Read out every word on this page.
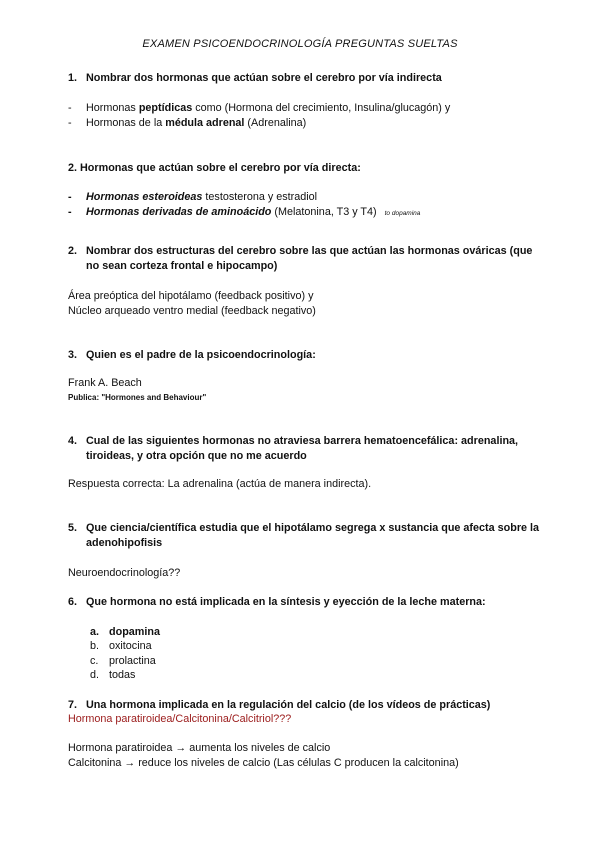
EXAMEN PSICOENDOCRINOLOGÍA PREGUNTAS SUELTAS
1. Nombrar dos hormonas que actúan sobre el cerebro por vía indirecta
- Hormonas peptídicas como (Hormona del crecimiento, Insulina/glucagón) y
- Hormonas de la médula adrenal (Adrenalina)
2. Hormonas que actúan sobre el cerebro por vía directa:
- Hormonas esteroideas testosterona y estradiol
- Hormonas derivadas de aminoácido (Melatonina, T3 y T4) to dopamina
2. Nombrar dos estructuras del cerebro sobre las que actúan las hormonas ováricas (que
no sean corteza frontal e hipocampo)
Área preóptica del hipotálamo (feedback positivo) y
Núcleo arqueado ventro medial (feedback negativo)
3. Quien es el padre de la psicoendocrinología:
Frank A. Beach
Publica: "Hormones and Behaviour"
4. Cual de las siguientes hormonas no atraviesa barrera hematoencefálica: adrenalina,
tiroideas, y otra opción que no me acuerdo
Respuesta correcta: La adrenalina (actúa de manera indirecta).
5. Que ciencia/científica estudia que el hipotálamo segrega x sustancia que afecta sobre la
adenohipofisis
Neuroendocrinología??
6. Que hormona no está implicada en la síntesis y eyección de la leche materna:
a. dopamina
b. oxitocina
c. prolactina
d. todas
7. Una hormona implicada en la regulación del calcio (de los vídeos de prácticas)
Hormona paratiroidea/Calcitonina/Calcitriol???
Hormona paratiroidea → aumenta los niveles de calcio
Calcitonina → reduce los niveles de calcio (Las células C producen la calcitonina)
